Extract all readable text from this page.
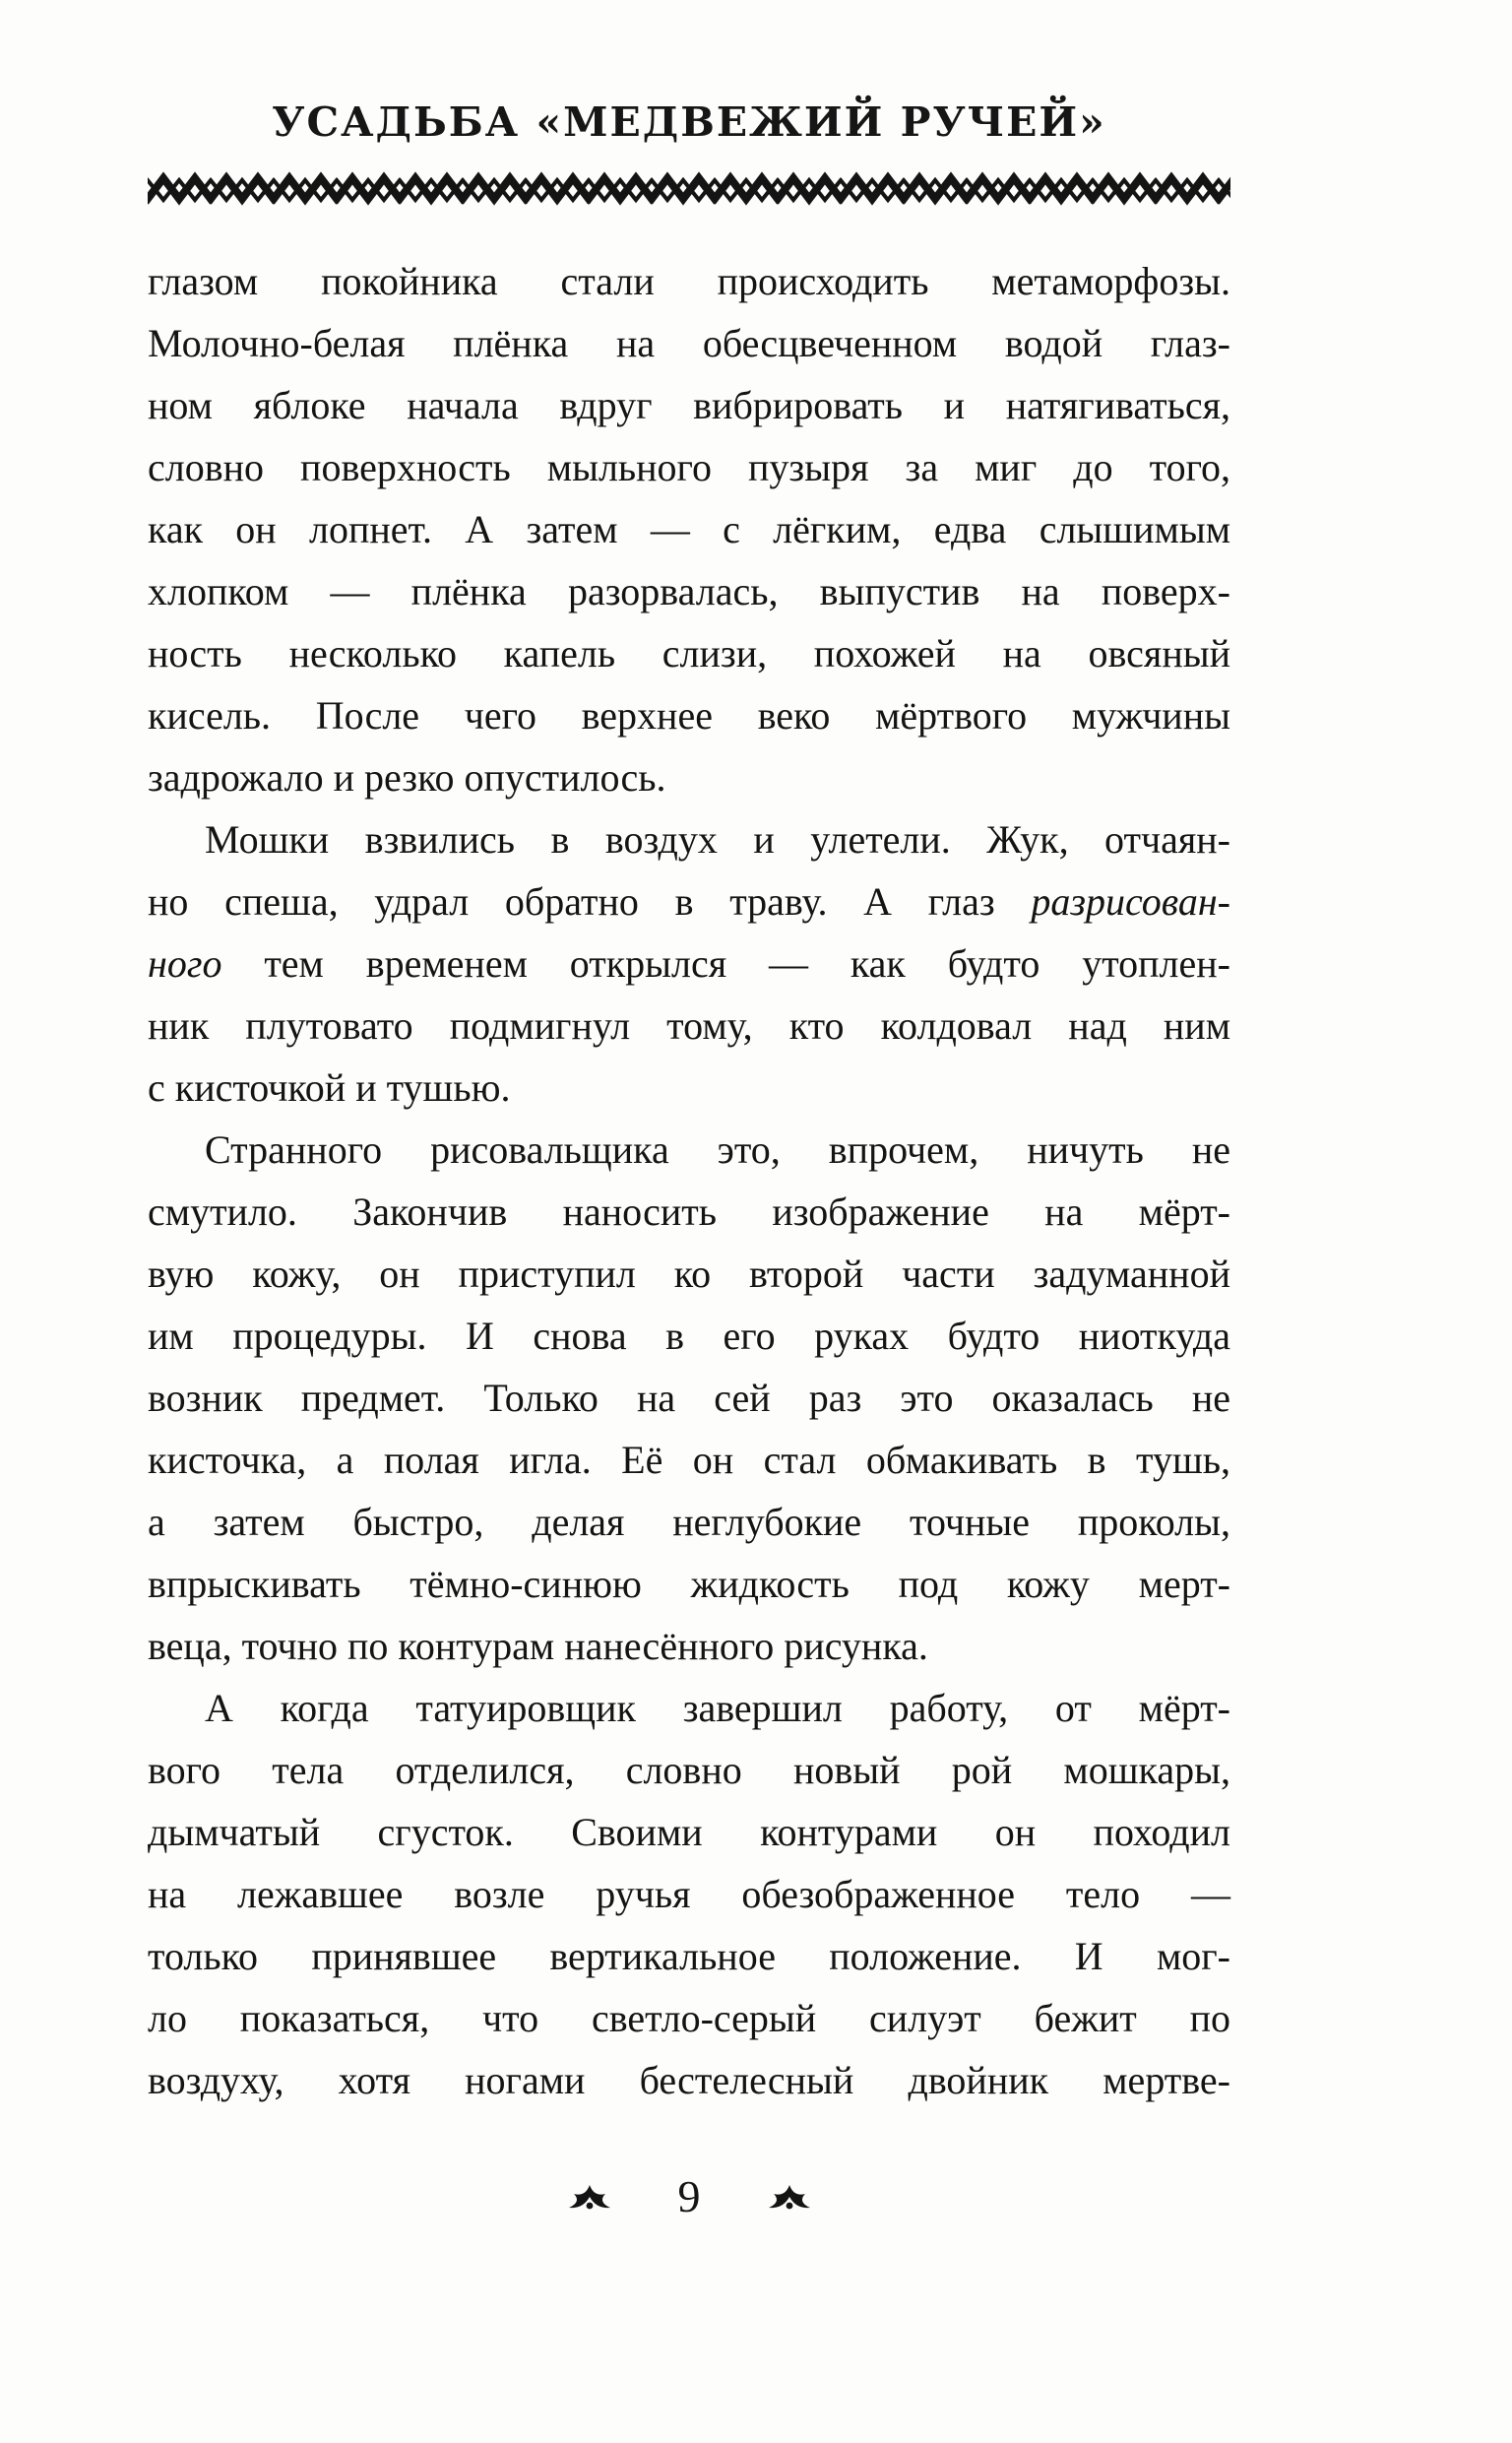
УСАДЬБА «МЕДВЕЖИЙ РУЧЕЙ»
глазом покойника стали происходить метаморфозы.
Молочно-белая плёнка на обесцвеченном водой глаз-
ном яблоке начала вдруг вибрировать и натягиваться,
словно поверхность мыльного пузыря за миг до того,
как он лопнет. А затем — с лёгким, едва слышимым
хлопком — плёнка разорвалась, выпустив на поверх-
ность несколько капель слизи, похожей на овсяный
кисель. После чего верхнее веко мёртвого мужчины
задрожало и резко опустилось.
Мошки взвились в воздух и улетели. Жук, отчаян-
но спеша, удрал обратно в траву. А глаз разрисован-
ного тем временем открылся — как будто утоплен-
ник плутовато подмигнул тому, кто колдовал над ним
с кисточкой и тушью.
Странного рисовальщика это, впрочем, ничуть не
смутило. Закончив наносить изображение на мёрт-
вую кожу, он приступил ко второй части задуманной
им процедуры. И снова в его руках будто ниоткуда
возник предмет. Только на сей раз это оказалась не
кисточка, а полая игла. Её он стал обмакивать в тушь,
а затем быстро, делая неглубокие точные проколы,
впрыскивать тёмно-синюю жидкость под кожу мерт-
веца, точно по контурам нанесённого рисунка.
А когда татуировщик завершил работу, от мёрт-
вого тела отделился, словно новый рой мошкары,
дымчатый сгусток. Своими контурами он походил
на лежавшее возле ручья обезображенное тело —
только принявшее вертикальное положение. И мог-
ло показаться, что светло-серый силуэт бежит по
воздуху, хотя ногами бестелесный двойник мертве-
9
